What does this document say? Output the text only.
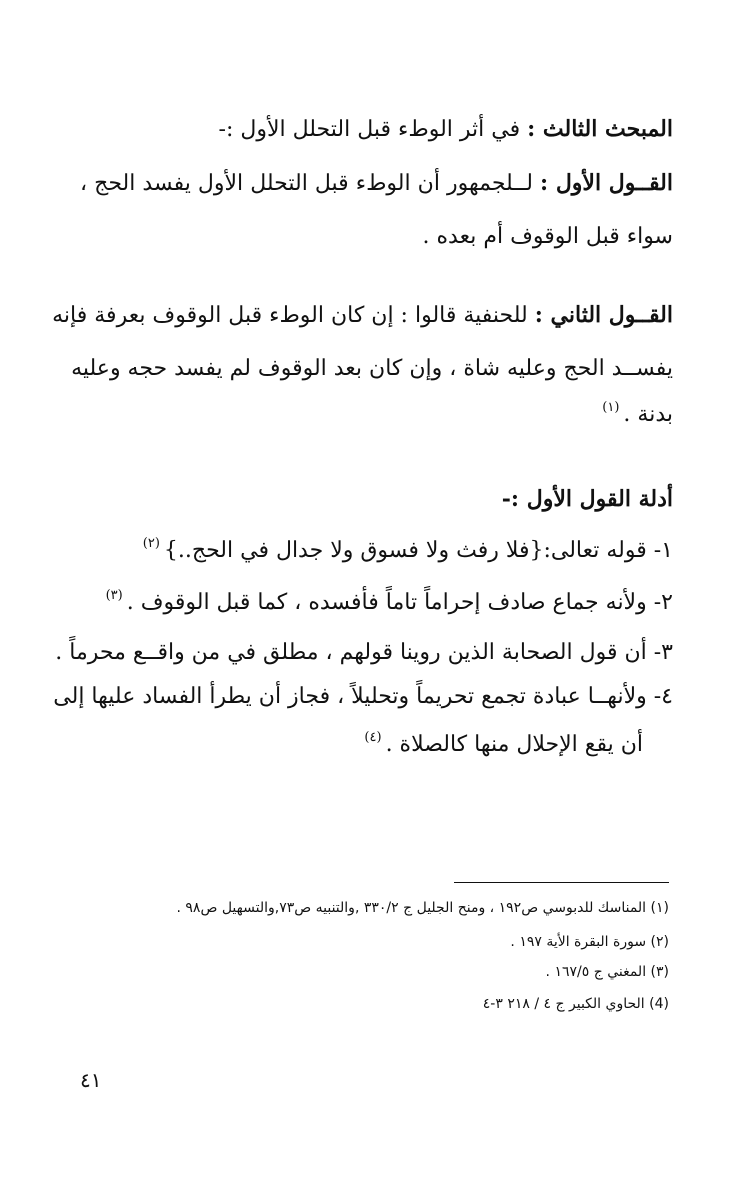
المبحث الثالث : في أثر الوطء قبل التحلل الأول :-
القــول الأول : لــلجمهور أن الوطء قبل التحلل الأول يفسد الحج ،
سواء قبل الوقوف أم بعده .
القــول الثاني : للحنفية قالوا : إن كان الوطء قبل الوقوف بعرفة فإنه
يفســد الحج وعليه شاة ، وإن كان بعد الوقوف لم يفسد حجه وعليه
بدنة .$^{(١)}$
أدلة القول الأول :-
١- قوله تعالى:{فلا رفث ولا فسوق ولا جدال في الحج..}$^{(٢)}$
٢- ولأنه جماع صادف إحراماً تاماً فأفسده ، كما قبل الوقوف .$^{(٣)}$
٣- أن قول الصحابة الذين روينا قولهم ، مطلق في من واقــع محرماً .
٤- ولأنهــا عبادة تجمع تحريماً وتحليلاً ، فجاز أن يطرأ الفساد عليها إلى
أن يقع الإحلال منها كالصلاة .$^{(٤)}$
(١) المناسك للدبوسي ص١٩٢ ، ومنح الجليل ج ٣٣٠/٢ ,والتنبيه ص٧٣,والتسهيل ص٩٨ .
(٢) سورة البقرة الأية ١٩٧ .
(٣) المغني ج ١٦٧/٥ .
(4) الحاوي الكبير ج ٤ / ٢١٨ ٣-٤
٤١
